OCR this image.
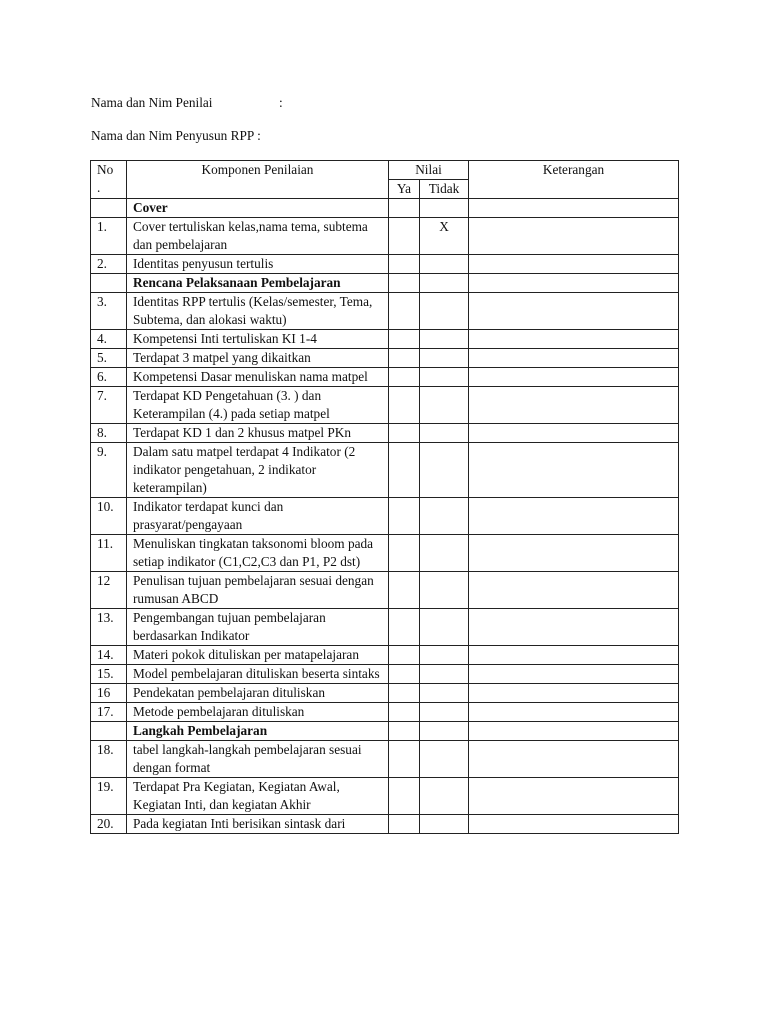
Nama dan Nim Penilai	:
Nama dan Nim Penyusun RPP :
No
.	Komponen Penilaian	Nilai		Keterangan
		Ya	Tidak	
	Cover			
1.	Cover tertuliskan kelas,nama tema, subtema dan pembelajaran		X	
2.	Identitas penyusun tertulis			
	Rencana Pelaksanaan Pembelajaran			
3.	Identitas RPP tertulis (Kelas/semester, Tema, Subtema, dan alokasi waktu)			
4.	Kompetensi Inti tertuliskan KI 1-4			
5.	Terdapat 3 matpel yang dikaitkan			
6.	Kompetensi Dasar menuliskan nama matpel			
7.	Terdapat KD Pengetahuan (3. ) dan Keterampilan (4.) pada setiap matpel			
8.	Terdapat KD 1 dan 2 khusus matpel PKn			
9.	Dalam satu matpel terdapat 4 Indikator (2 indikator pengetahuan, 2 indikator keterampilan)			
10.	Indikator terdapat kunci dan prasyarat/pengayaan			
11.	Menuliskan tingkatan taksonomi bloom pada setiap indikator (C1,C2,C3 dan P1, P2 dst)			
12	Penulisan tujuan pembelajaran sesuai dengan rumusan ABCD			
13.	Pengembangan tujuan pembelajaran berdasarkan Indikator			
14.	Materi pokok dituliskan per matapelajaran			
15.	Model pembelajaran dituliskan beserta sintaks			
16	Pendekatan pembelajaran dituliskan			
17.	Metode pembelajaran dituliskan			
	Langkah Pembelajaran			
18.	tabel langkah-langkah pembelajaran sesuai dengan format			
19.	Terdapat Pra Kegiatan, Kegiatan Awal, Kegiatan Inti, dan kegiatan Akhir			
20.	Pada kegiatan Inti berisikan sintask dari			
